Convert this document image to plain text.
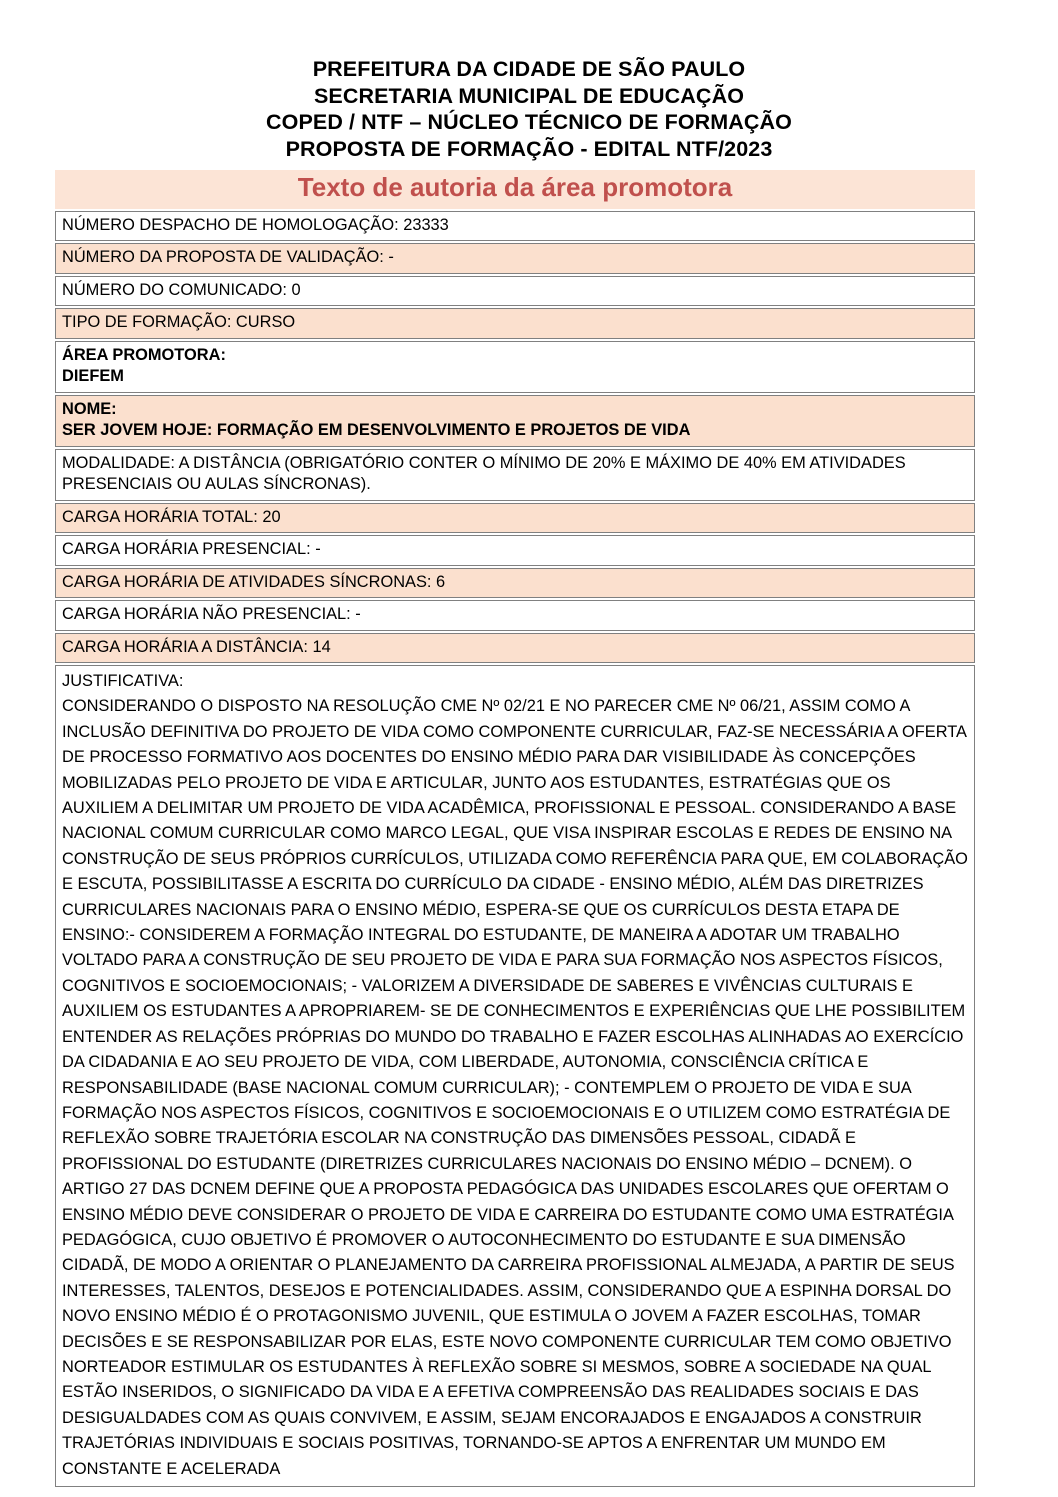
PREFEITURA DA CIDADE DE SÃO PAULO
SECRETARIA MUNICIPAL DE EDUCAÇÃO
COPED / NTF – NÚCLEO TÉCNICO DE FORMAÇÃO
PROPOSTA DE FORMAÇÃO - EDITAL NTF/2023
Texto de autoria da área promotora
NÚMERO DESPACHO DE HOMOLOGAÇÃO: 23333
NÚMERO DA PROPOSTA DE VALIDAÇÃO: -
NÚMERO DO COMUNICADO: 0
TIPO DE FORMAÇÃO: CURSO

ÁREA PROMOTORA:
DIEFEM

NOME:
SER JOVEM HOJE: FORMAÇÃO EM DESENVOLVIMENTO E PROJETOS DE VIDA

MODALIDADE: A DISTÂNCIA (OBRIGATÓRIO CONTER O MÍNIMO DE 20% E MÁXIMO DE 40% EM ATIVIDADES
PRESENCIAIS OU AULAS SÍNCRONAS).

CARGA HORÁRIA TOTAL: 20
CARGA HORÁRIA PRESENCIAL: -
CARGA HORÁRIA DE ATIVIDADES SÍNCRONAS: 6
CARGA HORÁRIA NÃO PRESENCIAL: -
CARGA HORÁRIA A DISTÂNCIA: 14

JUSTIFICATIVA:
CONSIDERANDO O DISPOSTO NA RESOLUÇÃO CME Nº 02/21 E NO PARECER CME Nº 06/21, ASSIM COMO A INCLUSÃO DEFINITIVA DO PROJETO DE VIDA COMO COMPONENTE CURRICULAR, FAZ-SE NECESSÁRIA A OFERTA DE PROCESSO FORMATIVO AOS DOCENTES DO ENSINO MÉDIO PARA DAR VISIBILIDADE ÀS CONCEPÇÕES MOBILIZADAS PELO PROJETO DE VIDA E ARTICULAR, JUNTO AOS ESTUDANTES, ESTRATÉGIAS QUE OS AUXILIEM A DELIMITAR UM PROJETO DE VIDA ACADÊMICA, PROFISSIONAL E PESSOAL. CONSIDERANDO A BASE NACIONAL COMUM CURRICULAR COMO MARCO LEGAL, QUE VISA INSPIRAR ESCOLAS E REDES DE ENSINO NA CONSTRUÇÃO DE SEUS PRÓPRIOS CURRÍCULOS, UTILIZADA COMO REFERÊNCIA PARA QUE, EM COLABORAÇÃO E ESCUTA, POSSIBILITASSE A ESCRITA DO CURRÍCULO DA CIDADE - ENSINO MÉDIO, ALÉM DAS DIRETRIZES CURRICULARES NACIONAIS PARA O ENSINO MÉDIO, ESPERA-SE QUE OS CURRÍCULOS DESTA ETAPA DE ENSINO:- CONSIDEREM A FORMAÇÃO INTEGRAL DO ESTUDANTE, DE MANEIRA A ADOTAR UM TRABALHO VOLTADO PARA A CONSTRUÇÃO DE SEU PROJETO DE VIDA E PARA SUA FORMAÇÃO NOS ASPECTOS FÍSICOS, COGNITIVOS E SOCIOEMOCIONAIS; - VALORIZEM A DIVERSIDADE DE SABERES E VIVÊNCIAS CULTURAIS E AUXILIEM OS ESTUDANTES A APROPRIAREM- SE DE CONHECIMENTOS E EXPERIÊNCIAS QUE LHE POSSIBILITEM ENTENDER AS RELAÇÕES PRÓPRIAS DO MUNDO DO TRABALHO E FAZER ESCOLHAS ALINHADAS AO EXERCÍCIO DA CIDADANIA E AO SEU PROJETO DE VIDA, COM LIBERDADE, AUTONOMIA, CONSCIÊNCIA CRÍTICA E RESPONSABILIDADE (BASE NACIONAL COMUM CURRICULAR); - CONTEMPLEM O PROJETO DE VIDA E SUA FORMAÇÃO NOS ASPECTOS FÍSICOS, COGNITIVOS E SOCIOEMOCIONAIS E O UTILIZEM COMO ESTRATÉGIA DE REFLEXÃO SOBRE TRAJETÓRIA ESCOLAR NA CONSTRUÇÃO DAS DIMENSÕES PESSOAL, CIDADÃ E PROFISSIONAL DO ESTUDANTE (DIRETRIZES CURRICULARES NACIONAIS DO ENSINO MÉDIO – DCNEM). O ARTIGO 27 DAS DCNEM DEFINE QUE A PROPOSTA PEDAGÓGICA DAS UNIDADES ESCOLARES QUE OFERTAM O ENSINO MÉDIO DEVE CONSIDERAR O PROJETO DE VIDA E CARREIRA DO ESTUDANTE COMO UMA ESTRATÉGIA PEDAGÓGICA, CUJO OBJETIVO É PROMOVER O AUTOCONHECIMENTO DO ESTUDANTE E SUA DIMENSÃO CIDADÃ, DE MODO A ORIENTAR O PLANEJAMENTO DA CARREIRA PROFISSIONAL ALMEJADA, A PARTIR DE SEUS INTERESSES, TALENTOS, DESEJOS E POTENCIALIDADES. ASSIM, CONSIDERANDO QUE A ESPINHA DORSAL DO NOVO ENSINO MÉDIO É O PROTAGONISMO JUVENIL, QUE ESTIMULA O JOVEM A FAZER ESCOLHAS, TOMAR DECISÕES E SE RESPONSABILIZAR POR ELAS, ESTE NOVO COMPONENTE CURRICULAR TEM COMO OBJETIVO NORTEADOR ESTIMULAR OS ESTUDANTES À REFLEXÃO SOBRE SI MESMOS, SOBRE A SOCIEDADE NA QUAL ESTÃO INSERIDOS, O SIGNIFICADO DA VIDA E A EFETIVA COMPREENSÃO DAS REALIDADES SOCIAIS E DAS DESIGUALDADES COM AS QUAIS CONVIVEM, E ASSIM, SEJAM ENCORAJADOS E ENGAJADOS A CONSTRUIR TRAJETÓRIAS INDIVIDUAIS E SOCIAIS POSITIVAS, TORNANDO-SE APTOS A ENFRENTAR UM MUNDO EM CONSTANTE E ACELERADA
